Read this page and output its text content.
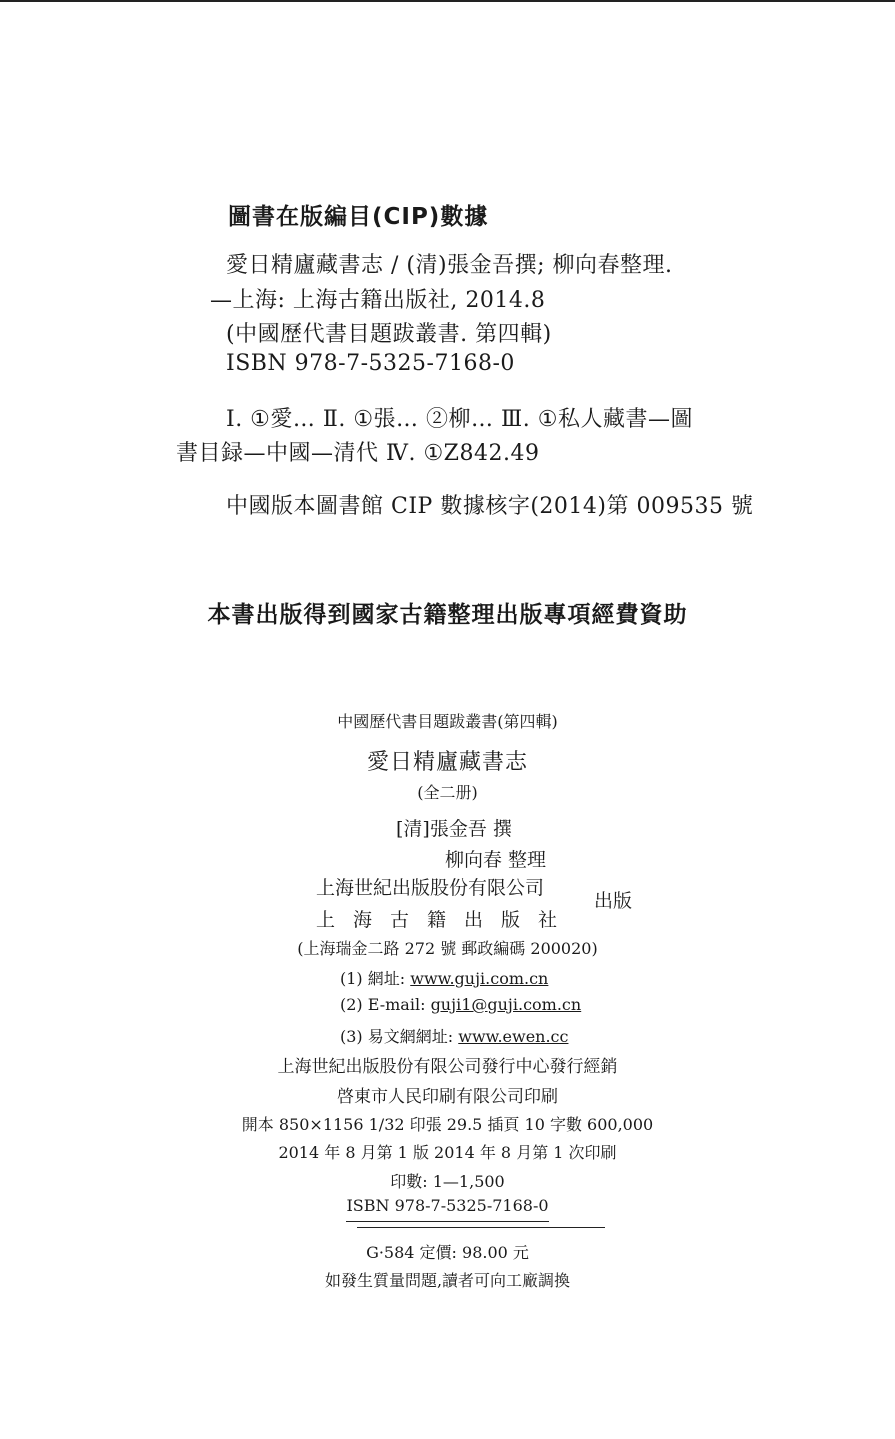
圖書在版編目(CIP)數據
愛日精廬藏書志 / (清)張金吾撰; 柳向春整理.
—上海: 上海古籍出版社, 2014.8
(中國歷代書目題跋叢書. 第四輯)
ISBN 978-7-5325-7168-0
Ⅰ. ①愛… Ⅱ. ①張… ②柳… Ⅲ. ①私人藏書—圖
書目録—中國—清代 Ⅳ. ①Z842.49
中國版本圖書館 CIP 數據核字(2014)第 009535 號
本書出版得到國家古籍整理出版專項經費資助
中國歷代書目題跋叢書(第四輯)
愛日精廬藏書志
(全二册)
[清]張金吾 撰
柳向春 整理
上海世紀出版股份有限公司
上海古籍出版社
出版
(上海瑞金二路 272 號 郵政編碼 200020)
(1) 網址: www.guji.com.cn
(2) E-mail: guji1@guji.com.cn
(3) 易文網網址: www.ewen.cc
上海世紀出版股份有限公司發行中心發行經銷
啓東市人民印刷有限公司印刷
開本 850×1156 1/32 印張 29.5 插頁 10 字數 600,000
2014 年 8 月第 1 版 2014 年 8 月第 1 次印刷
印數: 1—1,500
ISBN 978-7-5325-7168-0
G·584 定價: 98.00 元
如發生質量問題,讀者可向工廠調換
